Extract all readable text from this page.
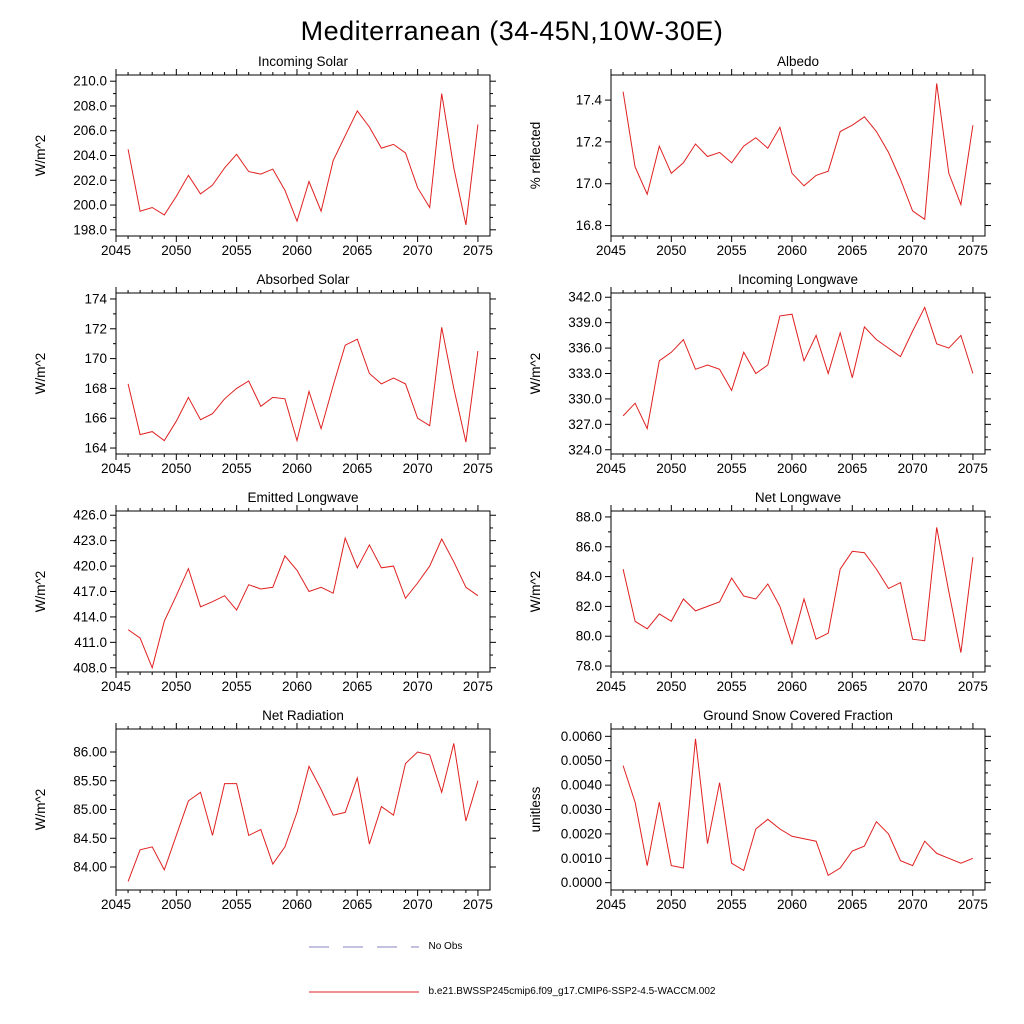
Mediterranean (34-45N,10W-30E)
Incoming Solar
W/m^2
2045 2050 2055 2060 2065 2070 2075
198.0
200.0
202.0
204.0
206.0
208.0
210.0
Albedo
% reflected
2045 2050 2055 2060 2065 2070 2075
16.8
17.0
17.2
17.4
Absorbed Solar
W/m^2
2045 2050 2055 2060 2065 2070 2075
164
166
168
170
172
174
Incoming Longwave
W/m^2
2045 2050 2055 2060 2065 2070 2075
324.0
327.0
330.0
333.0
336.0
339.0
342.0
Emitted Longwave
W/m^2
2045 2050 2055 2060 2065 2070 2075
408.0
411.0
414.0
417.0
420.0
423.0
426.0
Net Longwave
W/m^2
2045 2050 2055 2060 2065 2070 2075
78.0
80.0
82.0
84.0
86.0
88.0
Net Radiation
W/m^2
2045 2050 2055 2060 2065 2070 2075
84.00
84.50
85.00
85.50
86.00
Ground Snow Covered Fraction
unitless
2045 2050 2055 2060 2065 2070 2075
0.0000
0.0010
0.0020
0.0030
0.0040
0.0050
0.0060
No Obs
b.e21.BWSSP245cmip6.f09_g17.CMIP6-SSP2-4.5-WACCM.002
